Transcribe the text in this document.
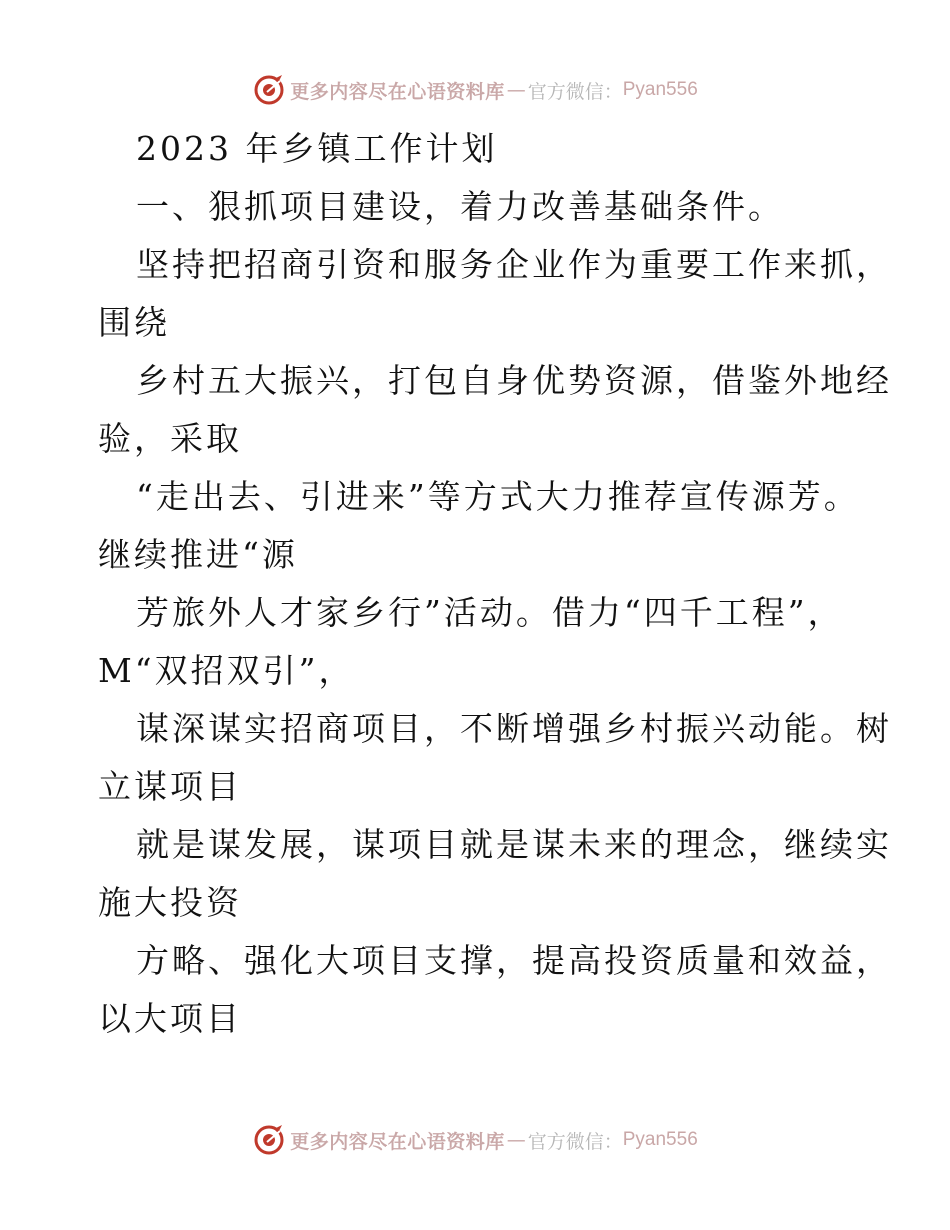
更多内容尽在心语资料库 — 官方微信： Pyan556
2023 年乡镇工作计划
一、狠抓项目建设，着力改善基础条件。
坚持把招商引资和服务企业作为重要工作来抓，
围绕
乡村五大振兴，打包自身优势资源，借鉴外地经
验，采取
“走出去、引进来”等方式大力推荐宣传源芳。
继续推进“源
芳旅外人才家乡行”活动。借力“四千工程”，
M“双招双引”，
谋深谋实招商项目，不断增强乡村振兴动能。树
立谋项目
就是谋发展，谋项目就是谋未来的理念，继续实
施大投资
方略、强化大项目支撑，提高投资质量和效益，
以大项目
更多内容尽在心语资料库 — 官方微信： Pyan556
